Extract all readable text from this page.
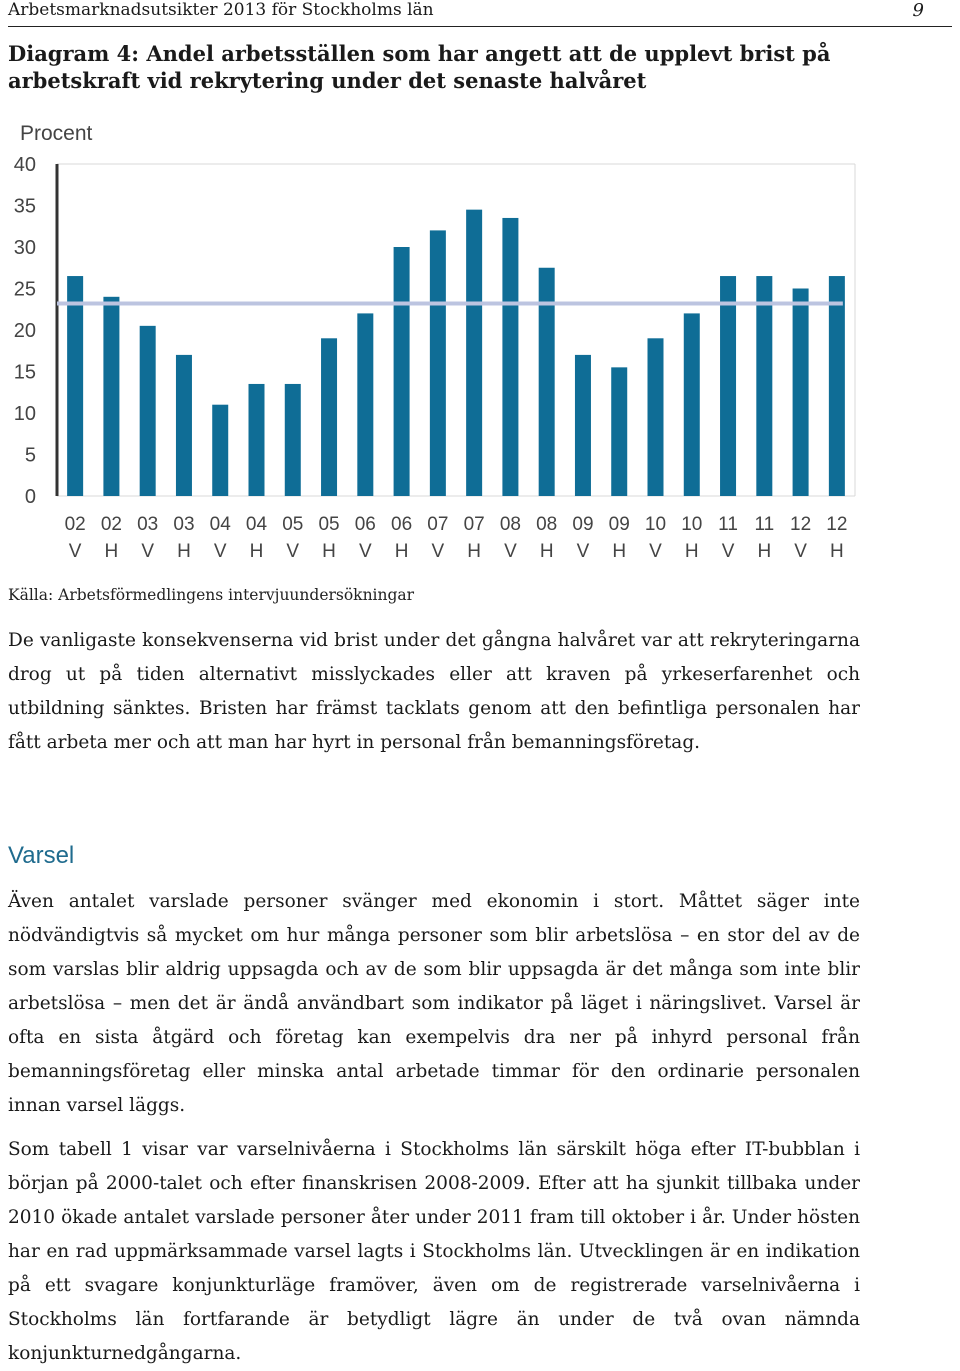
Arbetsmarknadsutsikter 2013 för Stockholms län	9
Diagram 4: Andel arbetsställen som har angett att de upplevt brist på arbetskraft vid rekrytering under det senaste halvåret
Procent
0
5
10
15
20
25
30
35
40
02
V
02
H
03
V
03
H
04
V
04
H
05
V
05
H
06
V
06
H
07
V
07
H
08
V
08
H
09
V
09
H
10
V
10
H
11
V
11
H
12
V
12
H
Källa: Arbetsförmedlingens intervjuundersökningar

De vanligaste konsekvenserna vid brist under det gångna halvåret var att rekryteringarna drog ut på tiden alternativt misslyckades eller att kraven på yrkeserfarenhet och utbildning sänktes. Bristen har främst tacklats genom att den befintliga personalen har fått arbeta mer och att man har hyrt in personal från bemanningsföretag.

Varsel

Även antalet varslade personer svänger med ekonomin i stort. Måttet säger inte nödvändigtvis så mycket om hur många personer som blir arbetslösa – en stor del av de som varslas blir aldrig uppsagda och av de som blir uppsagda är det många som inte blir arbetslösa – men det är ändå användbart som indikator på läget i näringslivet. Varsel är ofta en sista åtgärd och företag kan exempelvis dra ner på inhyrd personal från bemanningsföretag eller minska antal arbetade timmar för den ordinarie personalen innan varsel läggs.

Som tabell 1 visar var varselnivåerna i Stockholms län särskilt höga efter IT-bubblan i början på 2000-talet och efter finanskrisen 2008-2009. Efter att ha sjunkit tillbaka under 2010 ökade antalet varslade personer åter under 2011 fram till oktober i år. Under hösten har en rad uppmärksammade varsel lagts i Stockholms län. Utvecklingen är en indikation på ett svagare konjunkturläge framöver, även om de registrerade varselnivåerna i Stockholms län fortfarande är betydligt lägre än under de två ovan nämnda konjunkturnedgångarna.
